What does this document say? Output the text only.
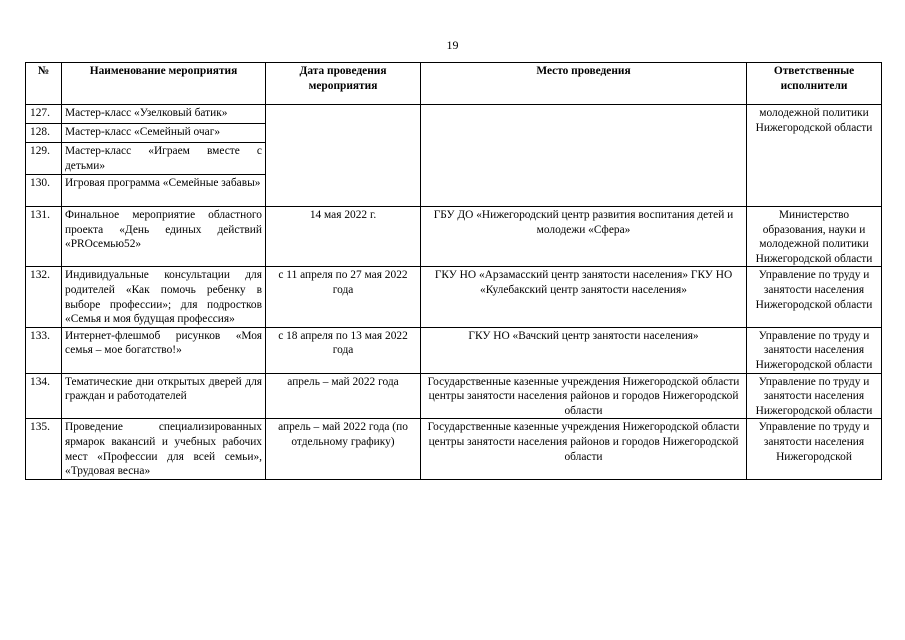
19
№	Наименование мероприятия	Дата проведения мероприятия	Место проведения	Ответственные исполнители
127.	Мастер-класс «Узелковый батик»			молодежной политики Нижегородской области
128.	Мастер-класс «Семейный очаг»			
129.	Мастер-класс «Играем вместе с детьми»			
130.	Игровая программа «Семейные забавы»			
131.	Финальное мероприятие областного проекта «День единых действий «PROсемью52»	14 мая 2022 г.	ГБУ ДО «Нижегородский центр развития воспитания детей и молодежи «Сфера»	Министерство образования, науки и молодежной политики Нижегородской области
132.	Индивидуальные консультации для родителей «Как помочь ребенку в выборе профессии»; для подростков «Семья и моя будущая профессия»	с 11 апреля по 27 мая 2022 года	ГКУ НО «Арзамасский центр занятости населения» ГКУ НО «Кулебакский центр занятости населения»	Управление по труду и занятости населения Нижегородской области
133.	Интернет-флешмоб рисунков «Моя семья – мое богатство!»	с 18 апреля по 13 мая 2022 года	ГКУ НО «Вачский центр занятости населения»	Управление по труду и занятости населения Нижегородской области
134.	Тематические дни открытых дверей для граждан и работодателей	апрель – май 2022 года	Государственные казенные учреждения Нижегородской области центры занятости населения районов и городов Нижегородской области	Управление по труду и занятости населения Нижегородской области
135.	Проведение специализированных ярмарок вакансий и учебных рабочих мест «Профессии для всей семьи», «Трудовая весна»	апрель – май 2022 года (по отдельному графику)	Государственные казенные учреждения Нижегородской области центры занятости населения районов и городов Нижегородской области	Управление по труду и занятости населения Нижегородской
